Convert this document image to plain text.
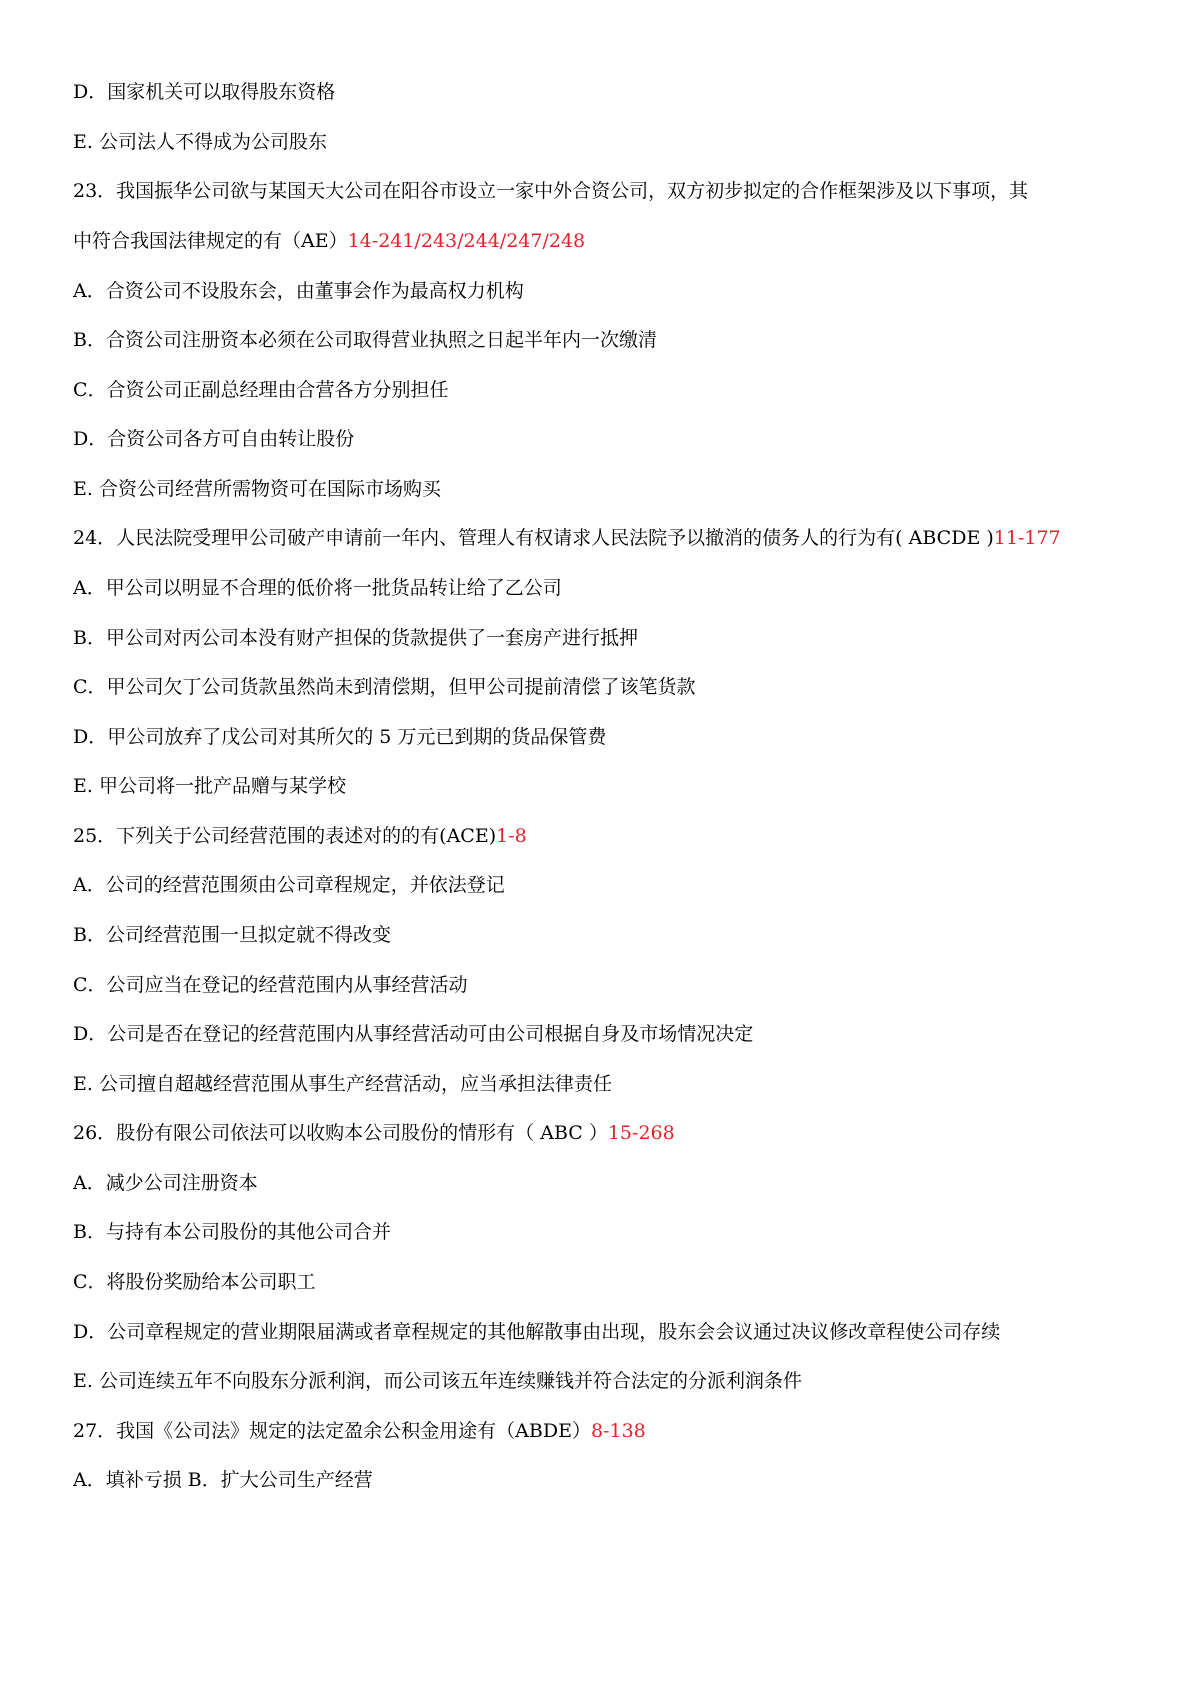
D．国家机关可以取得股东资格
E. 公司法人不得成为公司股东
23．我国振华公司欲与某国天大公司在阳谷市设立一家中外合资公司，双方初步拟定的合作框架涉及以下事项，其
中符合我国法律规定的有（AE）14-241/243/244/247/248
A．合资公司不设股东会，由董事会作为最高权力机构
B．合资公司注册资本必须在公司取得营业执照之日起半年内一次缴清
C．合资公司正副总经理由合营各方分别担任
D．合资公司各方可自由转让股份
E. 合资公司经营所需物资可在国际市场购买
24．人民法院受理甲公司破产申请前一年内、管理人有权请求人民法院予以撤消的债务人的行为有( ABCDE )11-177
A．甲公司以明显不合理的低价将一批货品转让给了乙公司
B．甲公司对丙公司本没有财产担保的货款提供了一套房产进行抵押
C．甲公司欠丁公司货款虽然尚未到清偿期，但甲公司提前清偿了该笔货款
D．甲公司放弃了戊公司对其所欠的 5 万元已到期的货品保管费
E. 甲公司将一批产品赠与某学校
25．下列关于公司经营范围的表述对的的有(ACE)1-8
A．公司的经营范围须由公司章程规定，并依法登记
B．公司经营范围一旦拟定就不得改变
C．公司应当在登记的经营范围内从事经营活动
D．公司是否在登记的经营范围内从事经营活动可由公司根据自身及市场情况决定
E. 公司擅自超越经营范围从事生产经营活动，应当承担法律责任
26．股份有限公司依法可以收购本公司股份的情形有（ ABC ）15-268
A．减少公司注册资本
B．与持有本公司股份的其他公司合并
C．将股份奖励给本公司职工
D．公司章程规定的营业期限届满或者章程规定的其他解散事由出现，股东会会议通过决议修改章程使公司存续
E. 公司连续五年不向股东分派利润，而公司该五年连续赚钱并符合法定的分派利润条件
27．我国《公司法》规定的法定盈余公积金用途有（ABDE）8-138
A．填补亏损 B．扩大公司生产经营
